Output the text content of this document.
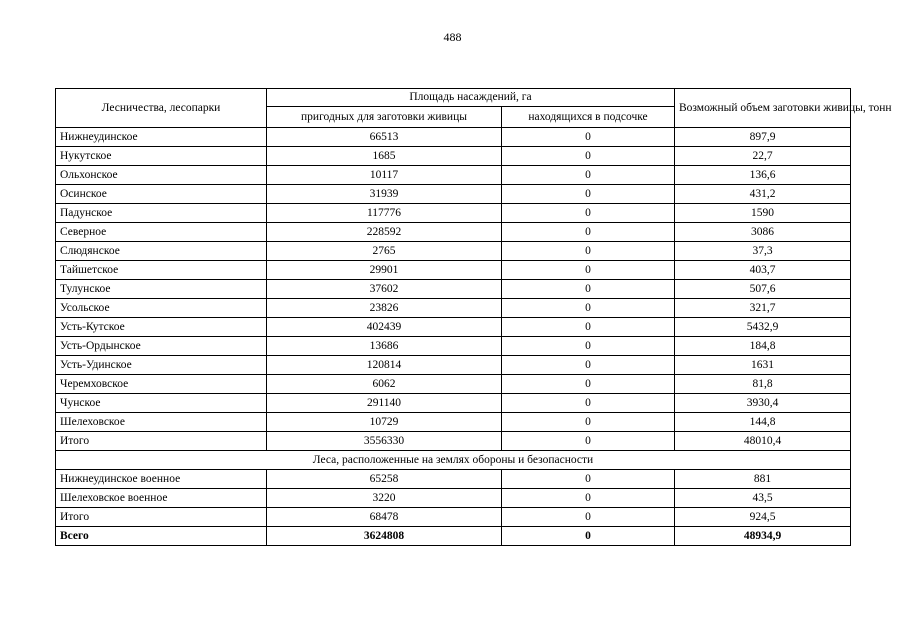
488
Лесничества, лесопарки	Площадь насаждений, га		Возможный объем заготовки живицы, тонн
	пригодных для заготовки живицы	находящихся в подсочке	
Нижнеудинское	66513	0	897,9
Нукутское	1685	0	22,7
Ольхонское	10117	0	136,6
Осинское	31939	0	431,2
Падунское	117776	0	1590
Северное	228592	0	3086
Слюдянское	2765	0	37,3
Тайшетское	29901	0	403,7
Тулунское	37602	0	507,6
Усольское	23826	0	321,7
Усть-Кутское	402439	0	5432,9
Усть-Ордынское	13686	0	184,8
Усть-Удинское	120814	0	1631
Черемховское	6062	0	81,8
Чунское	291140	0	3930,4
Шелеховское	10729	0	144,8
Итого	3556330	0	48010,4
Леса, расположенные на землях обороны и безопасности			
Нижнеудинское военное	65258	0	881
Шелеховское военное	3220	0	43,5
Итого	68478	0	924,5
Всего	3624808	0	48934,9
